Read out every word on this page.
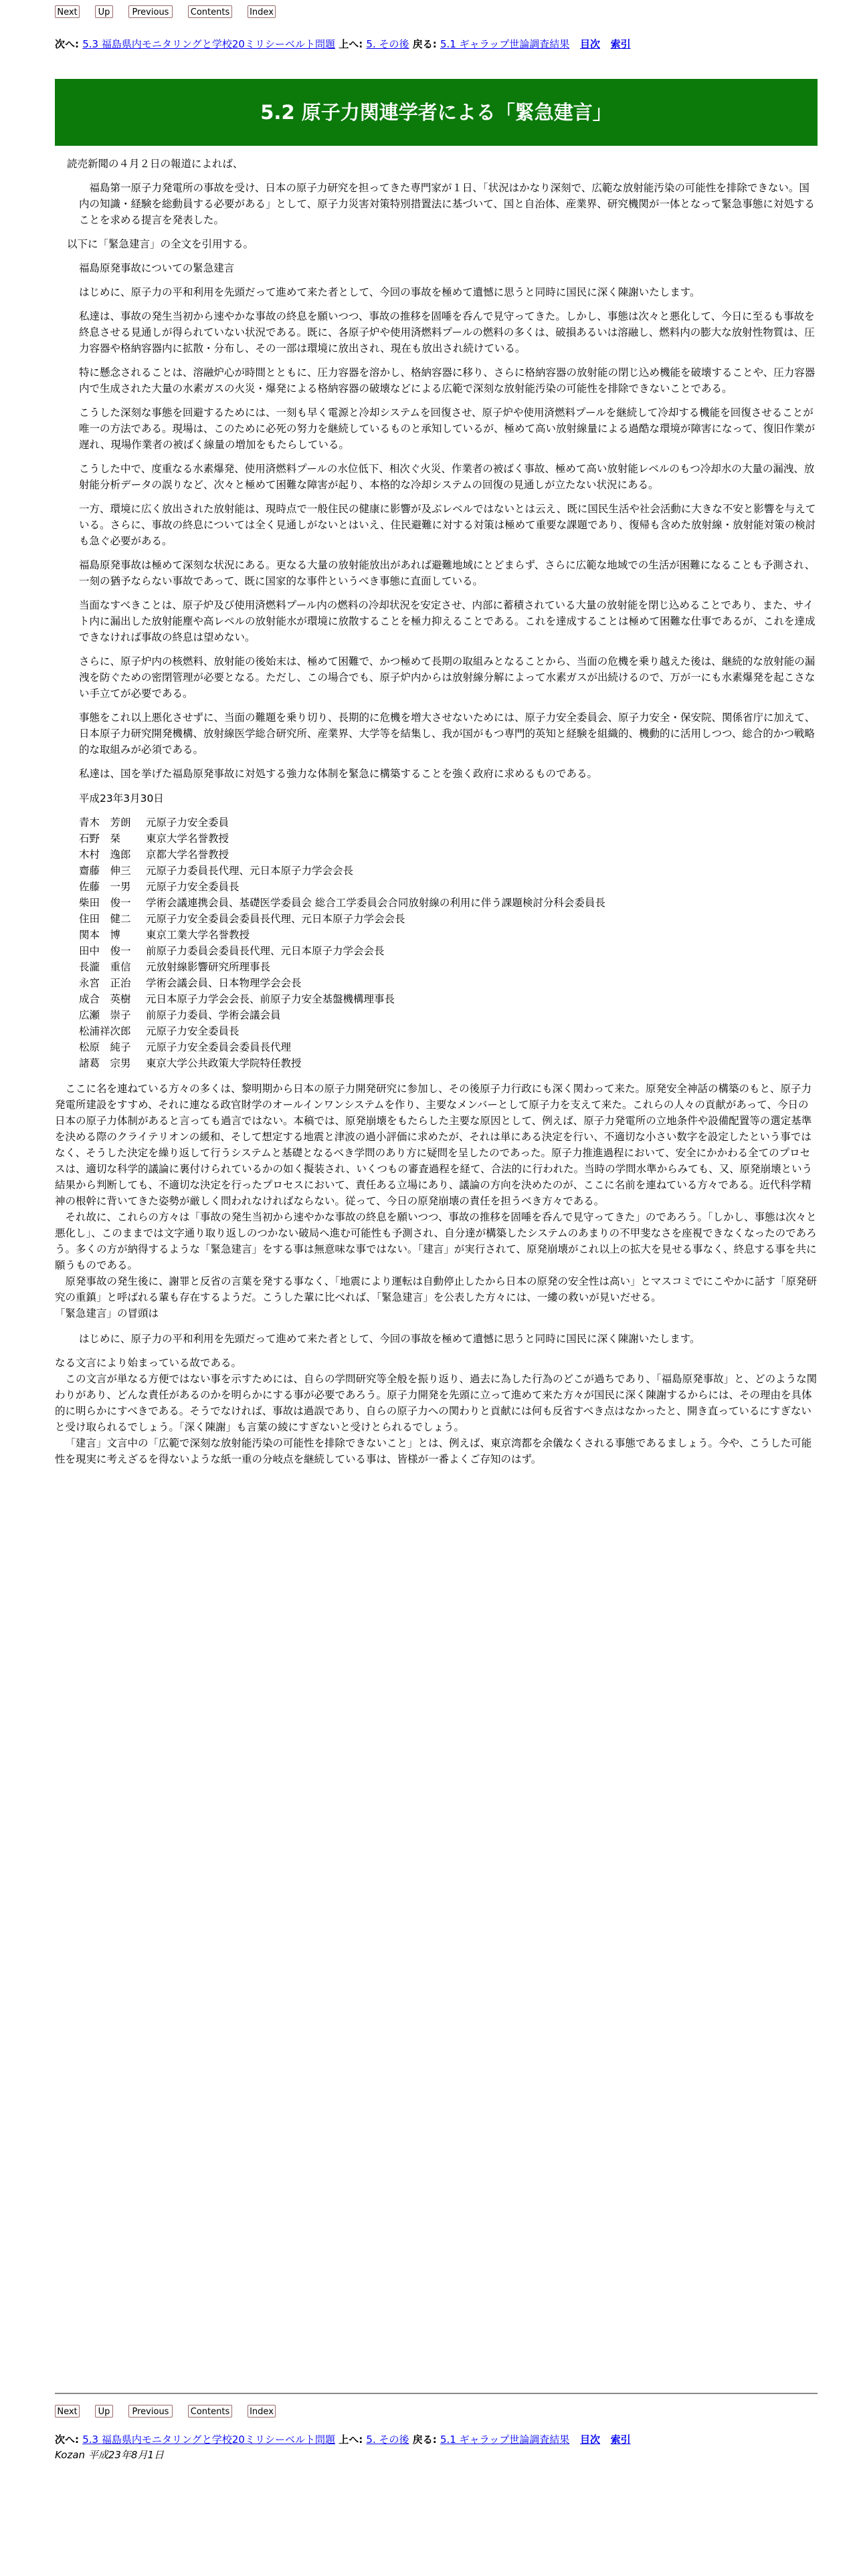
Next	Up	Previous	Contents Index
次へ: 5.3 福島県内モニタリングと学校20ミリシーベルト問題 上へ: 5. その後 戻る: 5.1 ギャラップ世論調査結果 目次 索引
5.2 原子力関連学者による「緊急建言」

読売新聞の４月２日の報道によれば、

福島第一原子力発電所の事故を受け、日本の原子力研究を担ってきた専門家が１日、「状況はかなり深刻で、広範な放射能汚染の可能性を排除できない。国内の知識・経験を総動員する必要がある」として、原子力災害対策特別措置法に基づいて、国と自治体、産業界、研究機関が一体となって緊急事態に対処することを求める提言を発表した。

以下に「緊急建言」の全文を引用する。

福島原発事故についての緊急建言

はじめに、原子力の平和利用を先頭だって進めて来た者として、今回の事故を極めて遺憾に思うと同時に国民に深く陳謝いたします。

私達は、事故の発生当初から速やかな事故の終息を願いつつ、事故の推移を固唾を呑んで見守ってきた。しかし、事態は次々と悪化して、今日に至るも事故を終息させる見通しが得られていない状況である。既に、各原子炉や使用済燃料プールの燃料の多くは、破損あるいは溶融し、燃料内の膨大な放射性物質は、圧力容器や格納容器内に拡散・分布し、その一部は環境に放出され、現在も放出され続けている。

特に懸念されることは、溶融炉心が時間とともに、圧力容器を溶かし、格納容器に移り、さらに格納容器の放射能の閉じ込め機能を破壊することや、圧力容器内で生成された大量の水素ガスの火災・爆発による格納容器の破壊などによる広範で深刻な放射能汚染の可能性を排除できないことである。

こうした深刻な事態を回避するためには、一刻も早く電源と冷却システムを回復させ、原子炉や使用済燃料プールを継続して冷却する機能を回復させることが唯一の方法である。現場は、このために必死の努力を継続しているものと承知しているが、極めて高い放射線量による過酷な環境が障害になって、復旧作業が遅れ、現場作業者の被ばく線量の増加をもたらしている。

こうした中で、度重なる水素爆発、使用済燃料プールの水位低下、相次ぐ火災、作業者の被ばく事故、極めて高い放射能レベルのもつ冷却水の大量の漏洩、放射能分析データの誤りなど、次々と極めて困難な障害が起り、本格的な冷却システムの回復の見通しが立たない状況にある。

一方、環境に広く放出された放射能は、現時点で一般住民の健康に影響が及ぶレベルではないとは云え、既に国民生活や社会活動に大きな不安と影響を与えている。さらに、事故の終息については全く見通しがないとはいえ、住民避難に対する対策は極めて重要な課題であり、復帰も含めた放射線・放射能対策の検討も急ぐ必要がある。

福島原発事故は極めて深刻な状況にある。更なる大量の放射能放出があれば避難地域にとどまらず、さらに広範な地域での生活が困難になることも予測され、一刻の猶予ならない事故であって、既に国家的な事件というべき事態に直面している。

当面なすべきことは、原子炉及び使用済燃料プール内の燃料の冷却状況を安定させ、内部に蓄積されている大量の放射能を閉じ込めることであり、また、サイト内に漏出した放射能塵や高レベルの放射能水が環境に放散することを極力抑えることである。これを達成することは極めて困難な仕事であるが、これを達成できなければ事故の終息は望めない。

さらに、原子炉内の核燃料、放射能の後始末は、極めて困難で、かつ極めて長期の取組みとなることから、当面の危機を乗り越えた後は、継続的な放射能の漏洩を防ぐための密閉管理が必要となる。ただし、この場合でも、原子炉内からは放射線分解によって水素ガスが出続けるので、万が一にも水素爆発を起こさない手立てが必要である。

事態をこれ以上悪化させずに、当面の難題を乗り切り、長期的に危機を増大させないためには、原子力安全委員会、原子力安全・保安院、関係省庁に加えて、日本原子力研究開発機構、放射線医学総合研究所、産業界、大学等を結集し、我が国がもつ専門的英知と経験を組織的、機動的に活用しつつ、総合的かつ戦略的な取組みが必須である。

私達は、国を挙げた福島原発事故に対処する強力な体制を緊急に構築することを強く政府に求めるものである。

平成23年3月30日

青木　芳朗 元原子力安全委員
石野　栞 東京大学名誉教授
木村　逸郎 京都大学名誉教授
齋藤　伸三 元原子力委員長代理、元日本原子力学会会長
佐藤　一男 元原子力安全委員長
柴田　俊一 学術会議連携会員、基礎医学委員会 総合工学委員会合同放射線の利用に伴う課題検討分科会委員長
住田　健二 元原子力安全委員会委員長代理、元日本原子力学会会長
関本　博 東京工業大学名誉教授
田中　俊一 前原子力委員会委員長代理、元日本原子力学会会長
長瀧　重信 元放射線影響研究所理事長
永宮　正治 学術会議会員、日本物理学会会長
成合　英樹 元日本原子力学会会長、前原子力安全基盤機構理事長
広瀬　崇子 前原子力委員、学術会議会員
松浦祥次郎 元原子力安全委員長
松原　純子 元原子力安全委員会委員長代理
諸葛　宗男 東京大学公共政策大学院特任教授

ここに名を連ねている方々の多くは、黎明期から日本の原子力開発研究に参加し、その後原子力行政にも深く関わって来た。原発安全神話の構築のもと、原子力発電所建設をすすめ、それに連なる政官財学のオールインワンシステムを作り、主要なメンバーとして原子力を支えて来た。これらの人々の貢献があって、今日の日本の原子力体制があると言っても過言ではない。本稿では、原発崩壊をもたらした主要な原因として、例えば、原子力発電所の立地条件や設備配置等の選定基準を決める際のクライテリオンの緩和、そして想定する地震と津波の過小評価に求めたが、それは単にある決定を行い、不適切な小さい数字を設定したという事ではなく、そうした決定を繰り返して行うシステムと基礎となるべき学問のあり方に疑問を呈したのであった。原子力推進過程において、安全にかかわる全てのプロセスは、適切な科学的議論に裏付けられているかの如く擬装され、いくつもの審査過程を経て、合法的に行われた。当時の学問水準からみても、又、原発崩壊という結果から判断しても、不適切な決定を行ったプロセスにおいて、責任ある立場にあり、議論の方向を決めたのが、ここに名前を連ねている方々である。近代科学精神の根幹に背いてきた姿勢が厳しく問われなければならない。従って、今日の原発崩壊の責任を担うべき方々である。

それ故に、これらの方々は「事故の発生当初から速やかな事故の終息を願いつつ、事故の推移を固唾を呑んで見守ってきた」のであろう。「しかし、事態は次々と悪化し」、このままでは文字通り取り返しのつかない破局へ進む可能性も予測され、自分達が構築したシステムのあまりの不甲斐なさを座視できなくなったのであろう。多くの方が納得するような「緊急建言」をする事は無意味な事ではない。「建言」が実行されて、原発崩壊がこれ以上の拡大を見せる事なく、終息する事を共に願うものである。

原発事故の発生後に、謝罪と反省の言葉を発する事なく、「地震により運転は自動停止したから日本の原発の安全性は高い」とマスコミでにこやかに話す「原発研究の重鎮」と呼ばれる輩も存在するようだ。こうした輩に比べれば、「緊急建言」を公表した方々には、一縷の救いが見いだせる。

「緊急建言」の冒頭は

はじめに、原子力の平和利用を先頭だって進めて来た者として、今回の事故を極めて遺憾に思うと同時に国民に深く陳謝いたします。

なる文言により始まっている故である。

この文言が単なる方便ではない事を示すためには、自らの学問研究等全般を振り返り、過去に為した行為のどこが過ちであり、「福島原発事故」と、どのような関わりがあり、どんな責任があるのかを明らかにする事が必要であろう。原子力開発を先頭に立って進めて来た方々が国民に深く陳謝するからには、その理由を具体的に明らかにすべきである。そうでなければ、事故は過誤であり、自らの原子力への関わりと貢献には何も反省すべき点はなかったと、開き直っているにすぎないと受け取られるでしょう。「深く陳謝」も言葉の綾にすぎないと受けとられるでしょう。

「建言」文言中の「広範で深刻な放射能汚染の可能性を排除できないこと」とは、例えば、東京湾都を余儀なくされる事態であるましょう。今や、こうした可能性を現実に考えざるを得ないような紙一重の分岐点を継続している事は、皆様が一番よくご存知のはず。

Next	Up	Previous	Contents Index
次へ: 5.3 福島県内モニタリングと学校20ミリシーベルト問題 上へ: 5. その後 戻る: 5.1 ギャラップ世論調査結果 目次 索引
Kozan 平成23年8月1日
